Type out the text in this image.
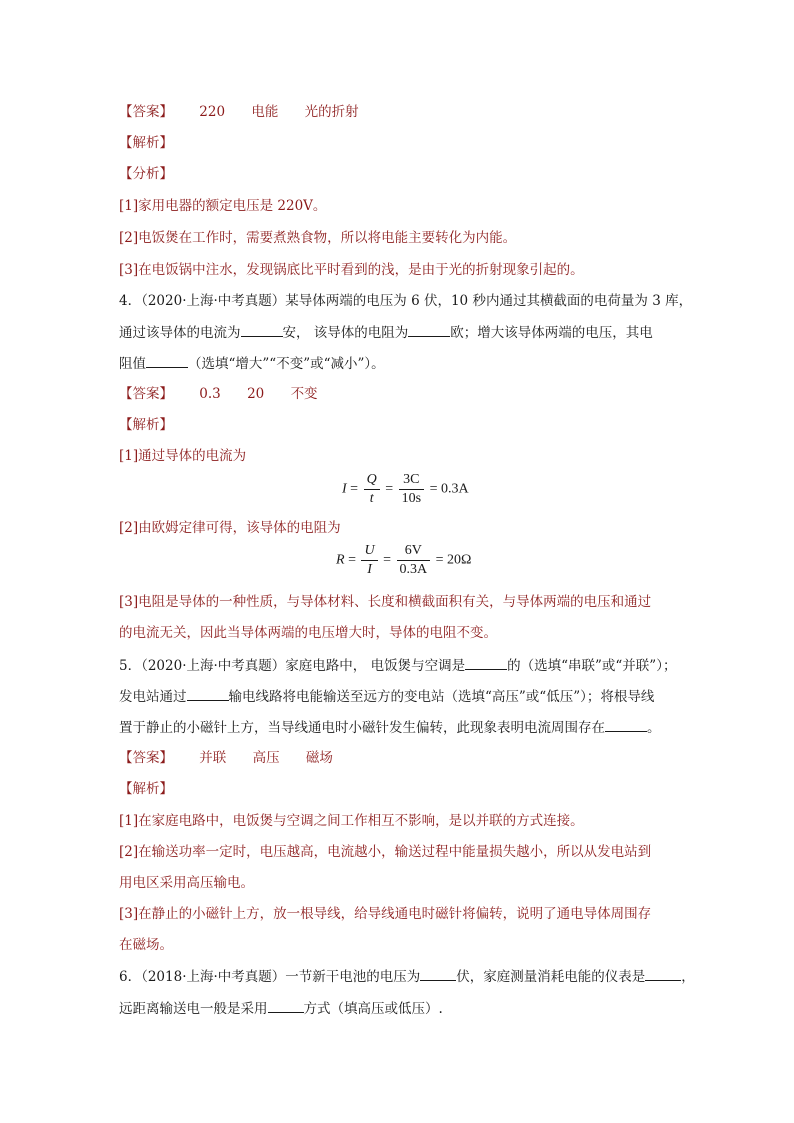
【答案】 220 电能 光的折射
【解析】
【分析】
[1]家用电器的额定电压是 220V。
[2]电饭煲在工作时，需要煮熟食物，所以将电能主要转化为内能。
[3]在电饭锅中注水，发现锅底比平时看到的浅，是由于光的折射现象引起的。
4．（2020·上海·中考真题）某导体两端的电压为 6 伏，10 秒内通过其横截面的电荷量为 3 库，
通过该导体的电流为	安， 该导体的电阻为	欧；增大该导体两端的电压，其电
阻值	（选填“增大”“不变”或“减小”）。
【答案】 0.3 20 不变
【解析】
[1]通过导体的电流为
$I = \frac{Q}{t} = \frac{3C}{10s} = 0.3A$
[2]由欧姆定律可得，该导体的电阻为
$R = \frac{U}{I} = \frac{6V}{0.3A} = 20\Omega$
[3]电阻是导体的一种性质，与导体材料、长度和横截面积有关，与导体两端的电压和通过
的电流无关，因此当导体两端的电压增大时，导体的电阻不变。
5．（2020·上海·中考真题）家庭电路中， 电饭煲与空调是	的（选填“串联”或“并联”）；
发电站通过	输电线路将电能输送至远方的变电站（选填“高压”或“低压”）；将根导线
置于静止的小磁针上方，当导线通电时小磁针发生偏转，此现象表明电流周围存在	。
【答案】 并联 高压 磁场
【解析】
[1]在家庭电路中，电饭煲与空调之间工作相互不影响，是以并联的方式连接。
[2]在输送功率一定时，电压越高，电流越小，输送过程中能量损失越小，所以从发电站到
用电区采用高压输电。
[3]在静止的小磁针上方，放一根导线，给导线通电时磁针将偏转，说明了通电导体周围存
在磁场。
6．（2018·上海·中考真题）一节新干电池的电压为	伏，家庭测量消耗电能的仪表是	，
远距离输送电一般是采用	方式（填高压或低压）.
